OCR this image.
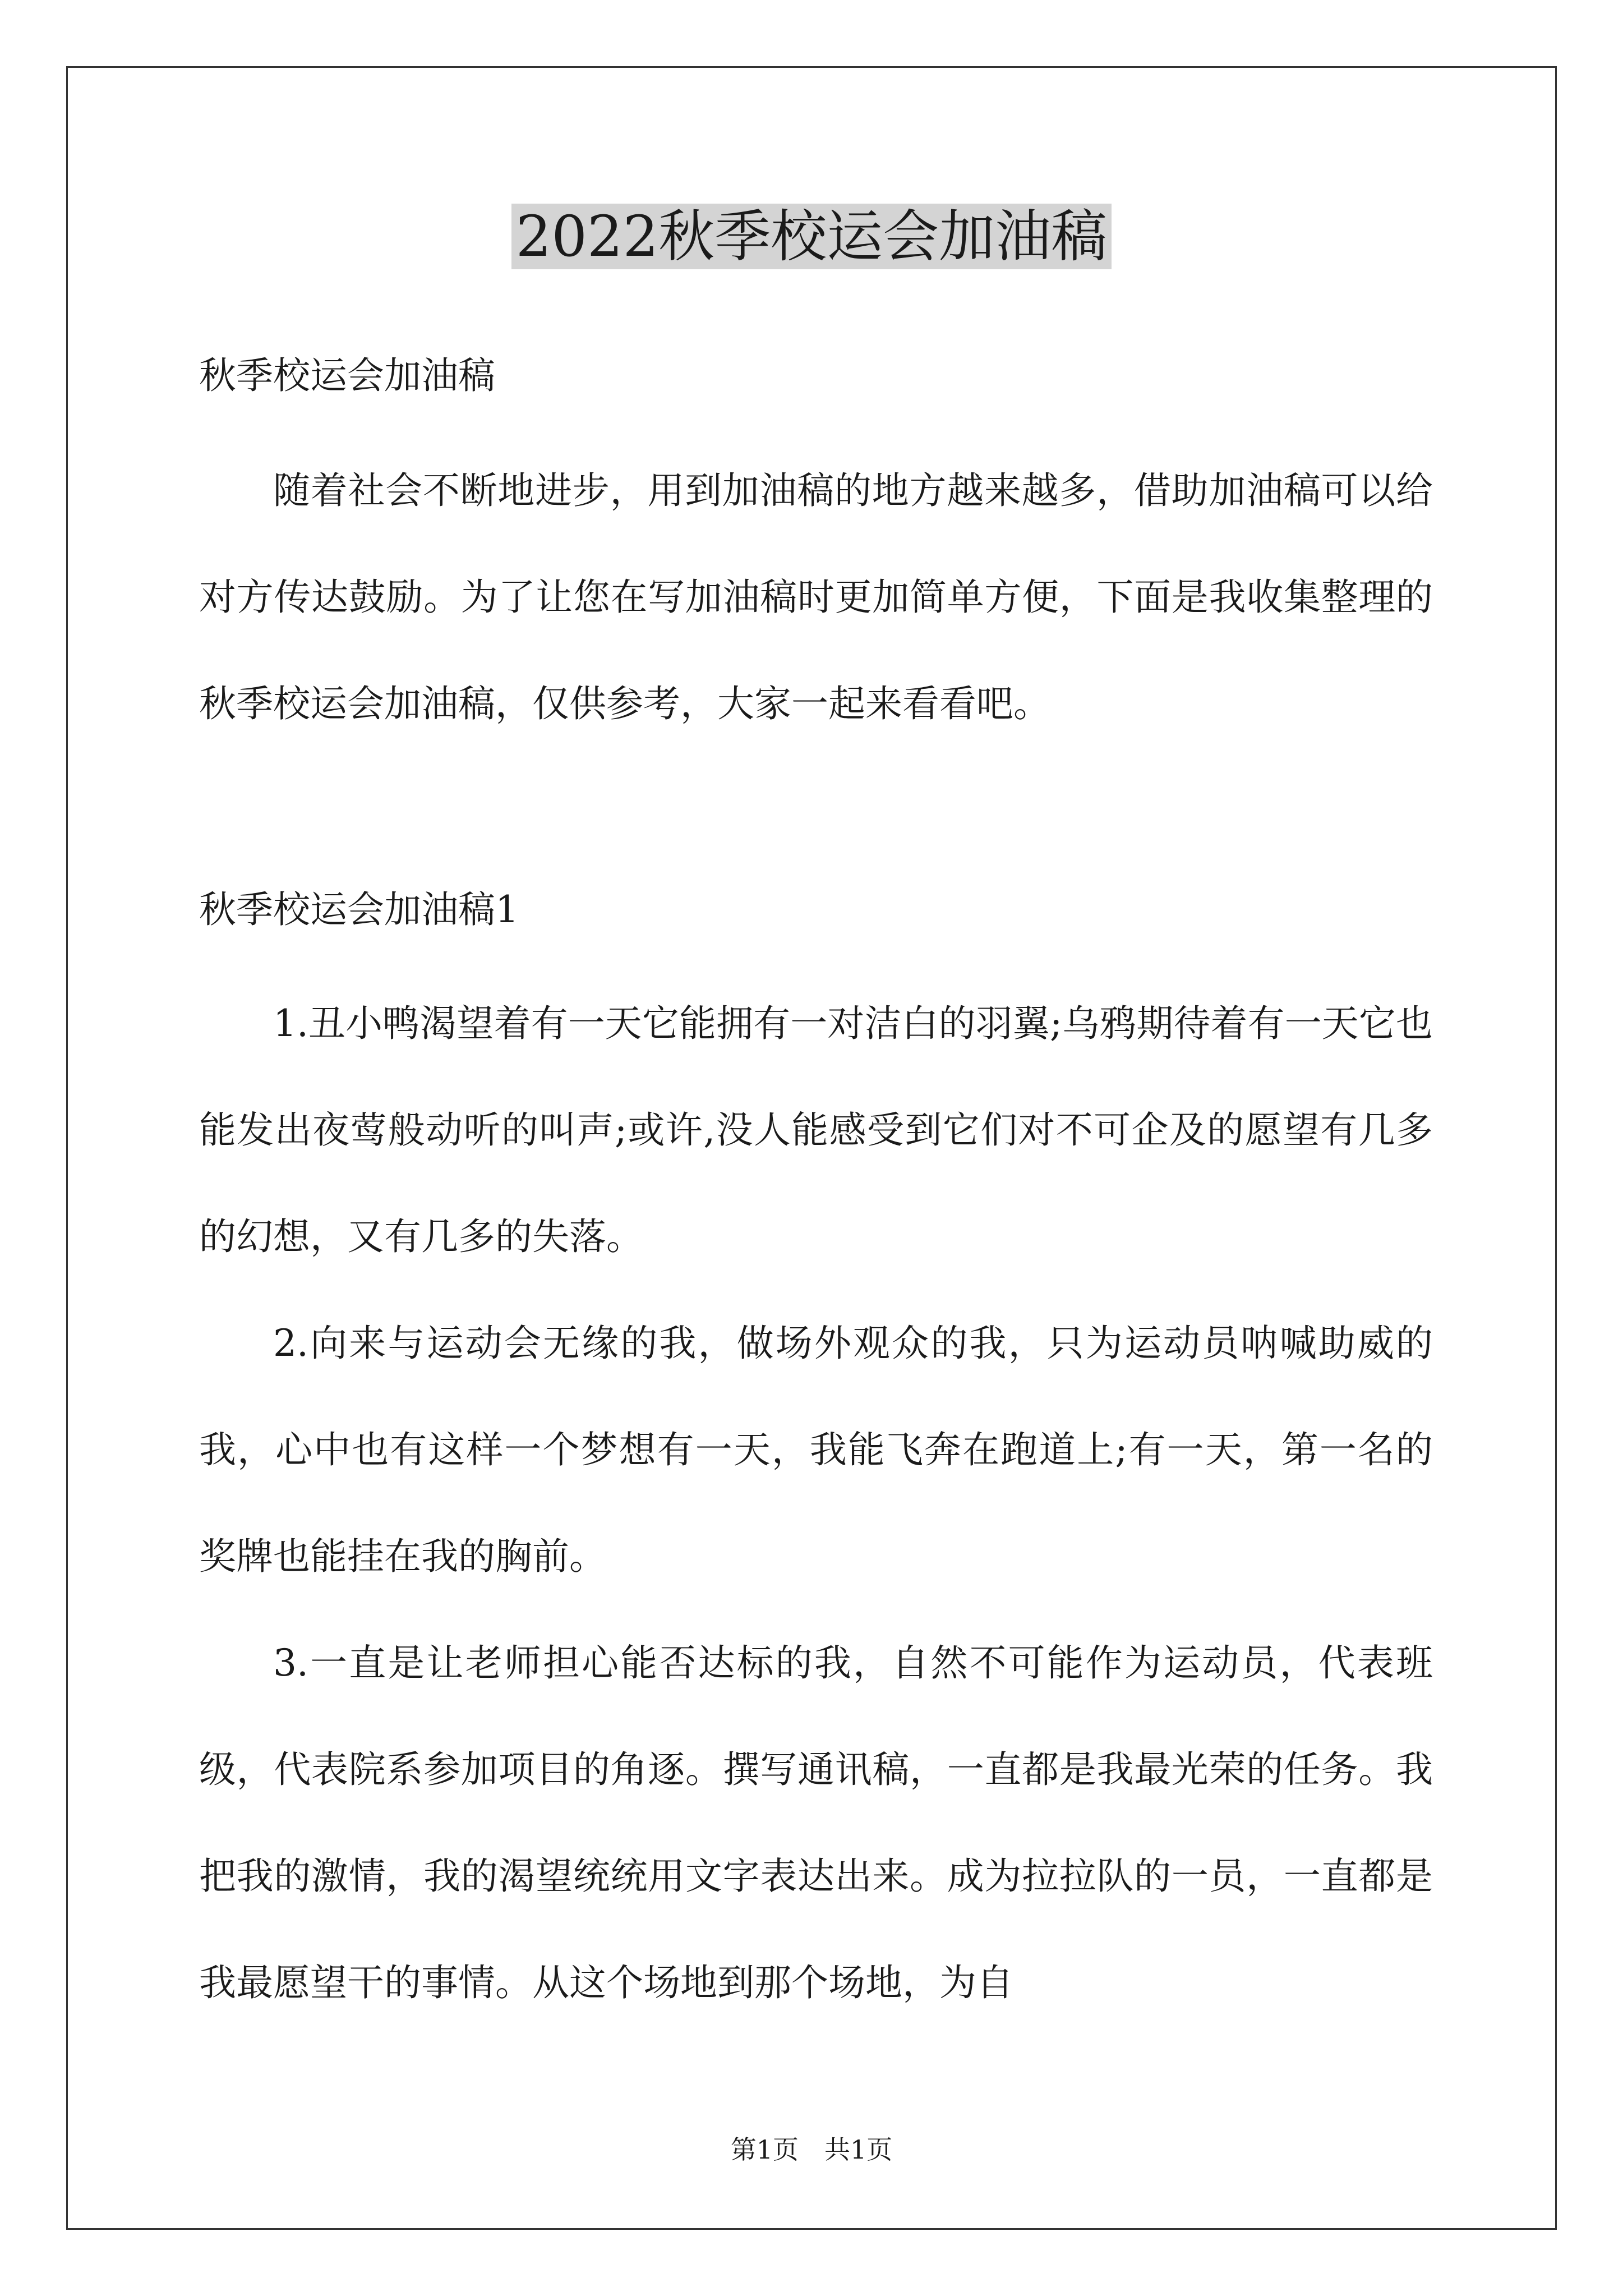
2022秋季校运会加油稿

秋季校运会加油稿

随着社会不断地进步，用到加油稿的地方越来越多，借助加油稿可以给对方传达鼓励。为了让您在写加油稿时更加简单方便，下面是我收集整理的秋季校运会加油稿，仅供参考，大家一起来看看吧。

秋季校运会加油稿1

1.丑小鸭渴望着有一天它能拥有一对洁白的羽翼;乌鸦期待着有一天它也能发出夜莺般动听的叫声;或许,没人能感受到它们对不可企及的愿望有几多的幻想，又有几多的失落。

2.向来与运动会无缘的我，做场外观众的我，只为运动员呐喊助威的我，心中也有这样一个梦想有一天，我能飞奔在跑道上;有一天，第一名的奖牌也能挂在我的胸前。

3.一直是让老师担心能否达标的我，自然不可能作为运动员，代表班级，代表院系参加项目的角逐。撰写通讯稿，一直都是我最光荣的任务。我把我的激情，我的渴望统统用文字表达出来。成为拉拉队的一员，一直都是我最愿望干的事情。从这个场地到那个场地，为自

第1页　共1页
